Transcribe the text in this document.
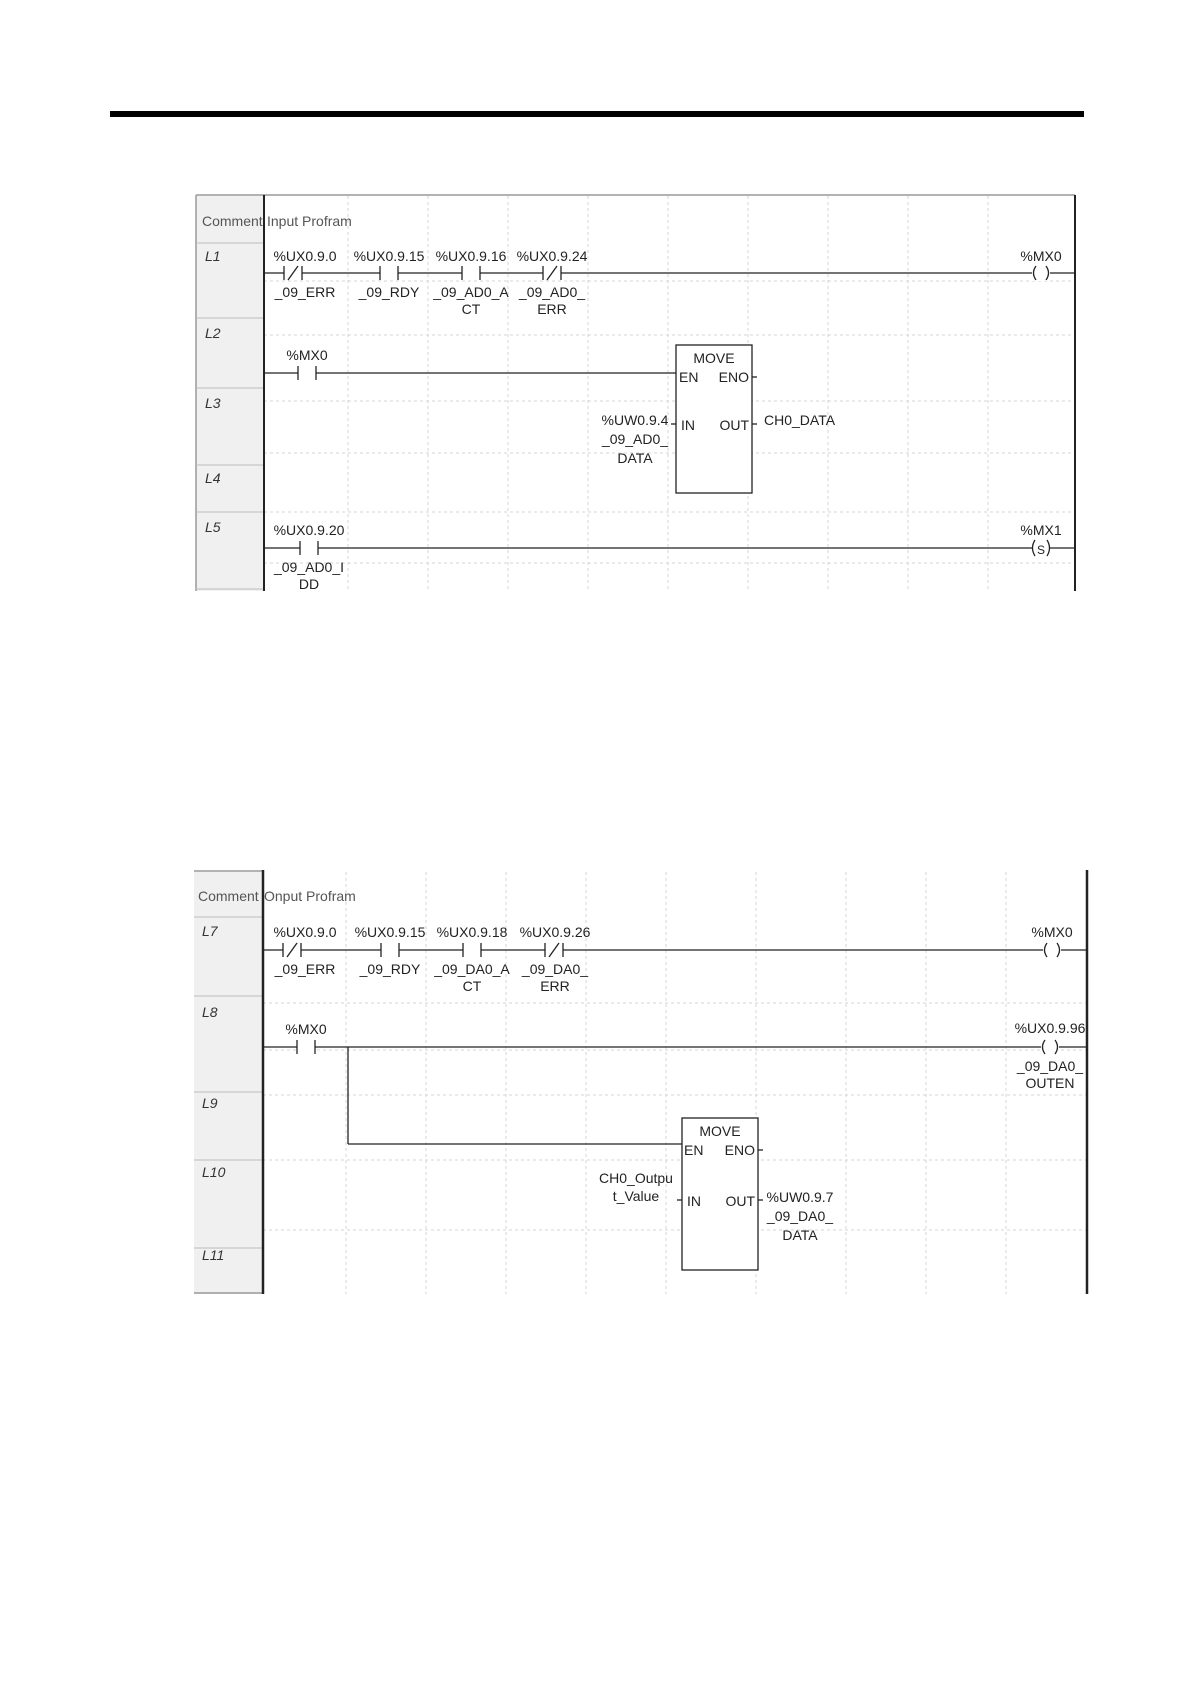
Comment Input Profram
L1
L2
L3
L4
L5
%UX0.9.0
_09_ERR
%UX0.9.15
_09_RDY
%UX0.9.16
_09_AD0_A
CT
%UX0.9.24
_09_AD0_
ERR
%MX0
%MX0	MOVE
EN ENO
IN OUT
%UW0.9.4
_09_AD0_
DATA
CH0_DATA
%UX0.9.20
_09_AD0_I
DD
S
%MX1
Comment Onput Profram
L7
L8
L9
L10
L11
%UX0.9.0
_09_ERR
%UX0.9.15
_09_RDY
%UX0.9.18
_09_DA0_A
CT
%UX0.9.26
_09_DA0_
ERR
%MX0
%MX0	%UX0.9.96
_09_DA0_
OUTEN
MOVE
EN ENO
IN OUT
CH0_Outpu
t_Value	%UW0.9.7
_09_DA0_
DATA
